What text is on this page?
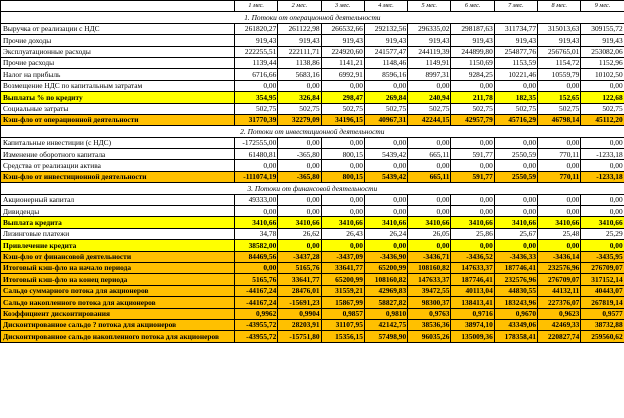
	1 мес.	2 мес.	3 мес.	4 мес.	5 мес.	6 мес.	7 мес.	8 мес.	9 мес.
1. Потоки от операционной деятельности									
Выручка от реализации с НДС	261820,27	261122,98	266532,66	292132,56	296335,02	298187,63	311734,77	315013,63	309155,72
Прочие доходы	919,43	919,43	919,43	919,43	919,43	919,43	919,43	919,43	919,43
Эксплуатационные расходы	222255,51	222111,71	224920,60	241577,47	244119,39	244899,80	254877,76	256765,01	253082,06
Прочие расходы	1139,44	1138,86	1141,21	1148,46	1149,91	1150,69	1153,59	1154,72	1152,96
Налог на прибыль	6716,66	5683,16	6992,91	8596,16	8997,31	9284,25	10221,46	10559,79	10102,50
Возмещение НДС по капитальным затратам	0,00	0,00	0,00	0,00	0,00	0,00	0,00	0,00	0,00
Выплаты % по кредиту	354,95	326,84	298,47	269,84	240,94	211,78	182,35	152,65	122,68
Социальные затраты	502,75	502,75	502,75	502,75	502,75	502,75	502,75	502,75	502,75
Кэш-фло от операционной деятельности	31770,39	32279,09	34196,15	40967,31	42244,15	42957,79	45716,29	46798,14	45112,20
2. Потоки от инвестиционной деятельности									
Капитальные инвестиции (с НДС)	-172555,00	0,00	0,00	0,00	0,00	0,00	0,00	0,00	0,00
Изменение оборотного капитала	61480,81	-365,80	800,15	5439,42	665,11	591,77	2550,59	770,11	-1233,18
Средства от реализации актива	0,00	0,00	0,00	0,00	0,00	0,00	0,00	0,00	0,00
Кэш-фло от инвестиционной деятельности	-111074,19	-365,80	800,15	5439,42	665,11	591,77	2550,59	770,11	-1233,18
3. Потоки от финансовой деятельности									
Акционерный капитал	49333,00	0,00	0,00	0,00	0,00	0,00	0,00	0,00	0,00
Дивиденды	0,00	0,00	0,00	0,00	0,00	0,00	0,00	0,00	0,00
Выплата кредита	3410,66	3410,66	3410,66	3410,66	3410,66	3410,66	3410,66	3410,66	3410,66
Лизинговые платежи	34,78	26,62	26,43	26,24	26,05	25,86	25,67	25,48	25,29
Привлечение кредита	38582,00	0,00	0,00	0,00	0,00	0,00	0,00	0,00	0,00
Кэш-фло от финансовой деятельности	84469,56	-3437,28	-3437,09	-3436,90	-3436,71	-3436,52	-3436,33	-3436,14	-3435,95
Итоговый кэш-фло на начало периода	0,00	5165,76	33641,77	65200,99	108160,82	147633,37	187746,41	232576,96	276709,07
Итоговый кэш-фло на конец периода	5165,76	33641,77	65200,99	108160,82	147633,37	187746,41	232576,96	276709,07	317152,14
Сальдо суммарного потока для акционеров	-44167,24	28476,01	31559,21	42969,83	39472,55	40113,04	44830,55	44132,11	40443,07
Сальдо накопленного потока для акционеров	-44167,24	-15691,23	15867,99	58827,82	98300,37	138413,41	183243,96	227376,07	267819,14
Коэффициент дисконтирования	0,9962	0,9904	0,9857	0,9810	0,9763	0,9716	0,9670	0,9623	0,9577
Дисконтированное сальдо ? потока для акционеров	-43955,72	28203,91	31107,95	42142,75	38536,36	38974,10	43349,06	42469,33	38732,88
Дисконтированное сальдо накопленного потока для акционеров	-43955,72	-15751,80	15356,15	57498,90	96035,26	135009,36	178358,41	220827,74	259560,62
